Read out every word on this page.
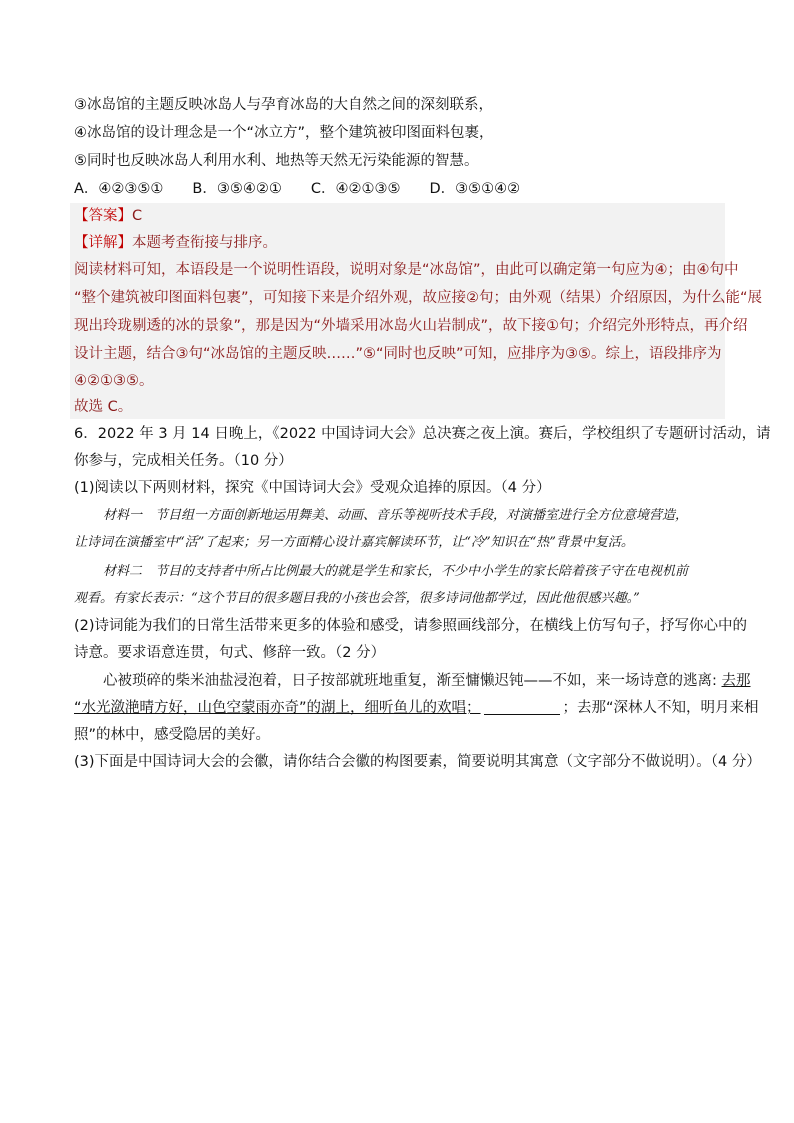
③冰岛馆的主题反映冰岛人与孕育冰岛的大自然之间的深刻联系，
④冰岛馆的设计理念是一个“冰立方”，整个建筑被印图面料包裹，
⑤同时也反映冰岛人利用水利、地热等天然无污染能源的智慧。
A．④②③⑤①　　B．③⑤④②①　　C．④②①③⑤　　D．③⑤①④②
【答案】C
【详解】本题考查衔接与排序。
阅读材料可知，本语段是一个说明性语段，说明对象是“冰岛馆”，由此可以确定第一句应为④；由④句中
“整个建筑被印图面料包裹”，可知接下来是介绍外观，故应接②句；由外观（结果）介绍原因，为什么能“展
现出玲珑剔透的冰的景象”，那是因为“外墙采用冰岛火山岩制成”，故下接①句；介绍完外形特点，再介绍
设计主题，结合③句“冰岛馆的主题反映……”⑤“同时也反映”可知，应排序为③⑤。综上，语段排序为
④②①③⑤。
故选 C。
6．2022 年 3 月 14 日晚上，《2022 中国诗词大会》总决赛之夜上演。赛后，学校组织了专题研讨活动，请
你参与，完成相关任务。（10 分）
(1)阅读以下两则材料，探究《中国诗词大会》受观众追捧的原因。（4 分）
材料一　节目组一方面创新地运用舞美、动画、音乐等视听技术手段，对演播室进行全方位意境营造，
让诗词在演播室中“活”了起来；另一方面精心设计嘉宾解读环节，让“冷”知识在“热”背景中复活。
材料二　节目的支持者中所占比例最大的就是学生和家长，不少中小学生的家长陪着孩子守在电视机前
观看。有家长表示：“这个节目的很多题目我的小孩也会答，很多诗词他都学过，因此他很感兴趣。”
(2)诗词能为我们的日常生活带来更多的体验和感受，请参照画线部分，在横线上仿写句子，抒写你心中的
诗意。要求语意连贯，句式、修辞一致。（2 分）
心被琐碎的柴米油盐浸泡着，日子按部就班地重复，渐至慵懒迟钝——不如，来一场诗意的逃离: 去那
“水光潋滟晴方好，山色空蒙雨亦奇”的湖上，细听鱼儿的欢唱；	；去那“深林人不知，明月来相
照”的林中，感受隐居的美好。
(3)下面是中国诗词大会的会徽，请你结合会徽的构图要素，简要说明其寓意（文字部分不做说明）。（4 分）
